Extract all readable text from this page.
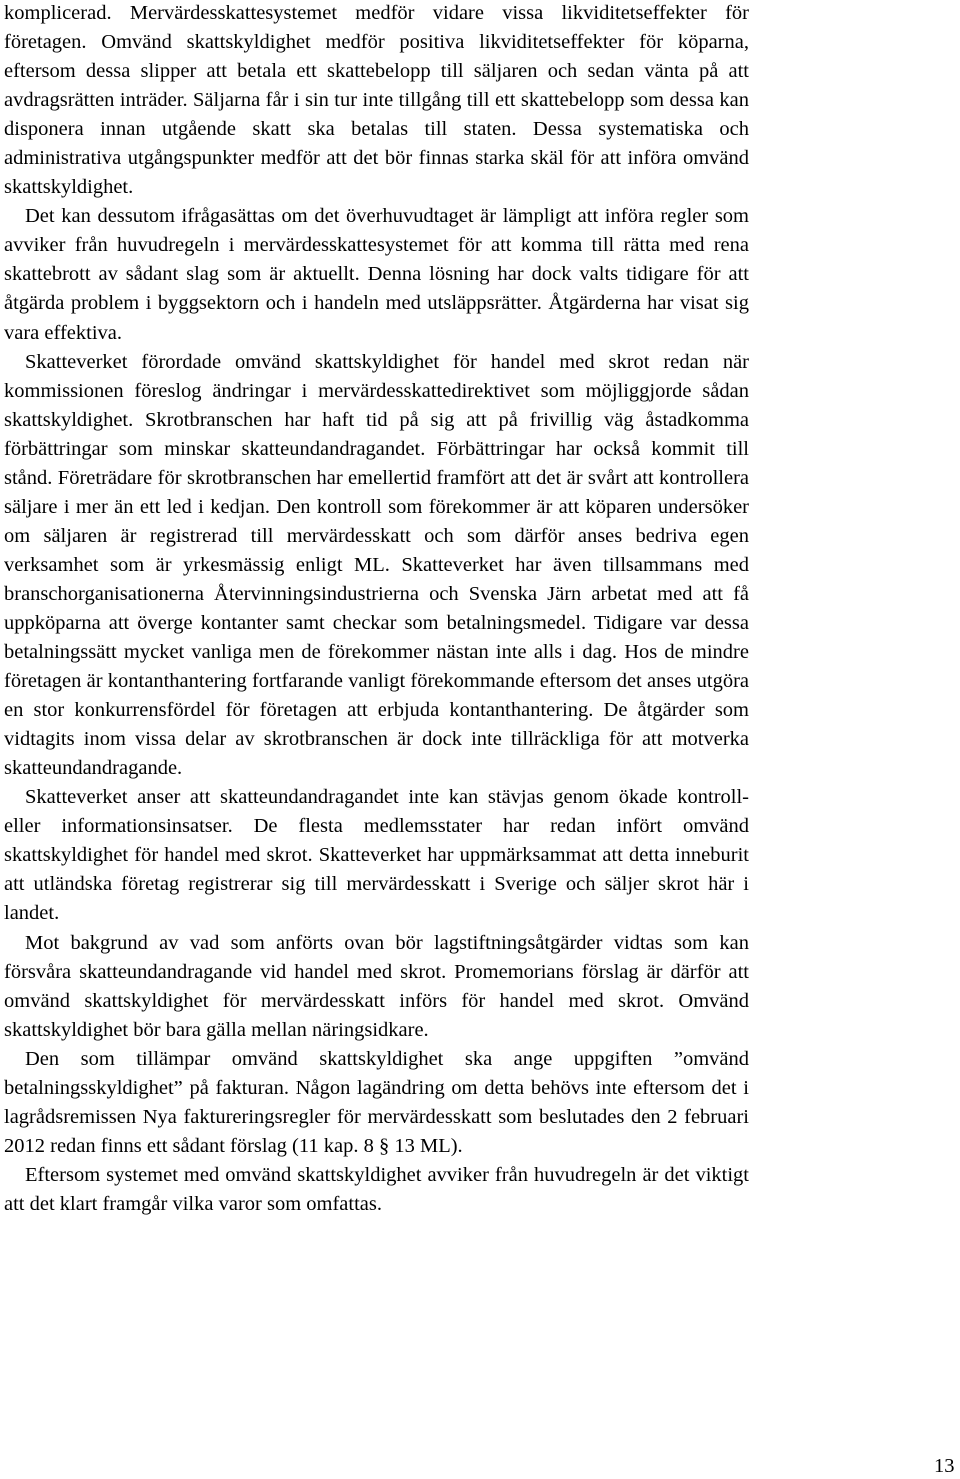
komplicerad. Mervärdesskattesystemet medför vidare vissa likviditetseffekter för företagen. Omvänd skattskyldighet medför positiva likviditetseffekter för köparna, eftersom dessa slipper att betala ett skattebelopp till säljaren och sedan vänta på att avdragsrätten inträder. Säljarna får i sin tur inte tillgång till ett skattebelopp som dessa kan disponera innan utgående skatt ska betalas till staten. Dessa systematiska och administrativa utgångspunkter medför att det bör finnas starka skäl för att införa omvänd skattskyldighet.

Det kan dessutom ifrågasättas om det överhuvudtaget är lämpligt att införa regler som avviker från huvudregeln i mervärdesskattesystemet för att komma till rätta med rena skattebrott av sådant slag som är aktuellt. Denna lösning har dock valts tidigare för att åtgärda problem i byggsektorn och i handeln med utsläppsrätter. Åtgärderna har visat sig vara effektiva.

Skatteverket förordade omvänd skattskyldighet för handel med skrot redan när kommissionen föreslog ändringar i mervärdesskattedirektivet som möjliggjorde sådan skattskyldighet. Skrotbranschen har haft tid på sig att på frivillig väg åstadkomma förbättringar som minskar skatteundandragandet. Förbättringar har också kommit till stånd. Företrädare för skrotbranschen har emellertid framfört att det är svårt att kontrollera säljare i mer än ett led i kedjan. Den kontroll som förekommer är att köparen undersöker om säljaren är registrerad till mervärdesskatt och som därför anses bedriva egen verksamhet som är yrkesmässig enligt ML. Skatteverket har även tillsammans med branschorganisationerna Återvinningsindustrierna och Svenska Järn arbetat med att få uppköparna att överge kontanter samt checkar som betalningsmedel. Tidigare var dessa betalningssätt mycket vanliga men de förekommer nästan inte alls i dag. Hos de mindre företagen är kontanthantering fortfarande vanligt förekommande eftersom det anses utgöra en stor konkurrensfördel för företagen att erbjuda kontanthantering. De åtgärder som vidtagits inom vissa delar av skrotbranschen är dock inte tillräckliga för att motverka skatteundandragande.

Skatteverket anser att skatteundandragandet inte kan stävjas genom ökade kontroll- eller informationsinsatser. De flesta medlemsstater har redan infört omvänd skattskyldighet för handel med skrot. Skatteverket har uppmärksammat att detta inneburit att utländska företag registrerar sig till mervärdesskatt i Sverige och säljer skrot här i landet.

Mot bakgrund av vad som anförts ovan bör lagstiftningsåtgärder vidtas som kan försvåra skatteundandragande vid handel med skrot. Promemorians förslag är därför att omvänd skattskyldighet för mervärdesskatt införs för handel med skrot. Omvänd skattskyldighet bör bara gälla mellan näringsidkare.

Den som tillämpar omvänd skattskyldighet ska ange uppgiften ”omvänd betalningsskyldighet” på fakturan. Någon lagändring om detta behövs inte eftersom det i lagrådsremissen Nya faktureringsregler för mervärdesskatt som beslutades den 2 februari 2012 redan finns ett sådant förslag (11 kap. 8 § 13 ML).

Eftersom systemet med omvänd skattskyldighet avviker från huvudregeln är det viktigt att det klart framgår vilka varor som omfattas.

13
